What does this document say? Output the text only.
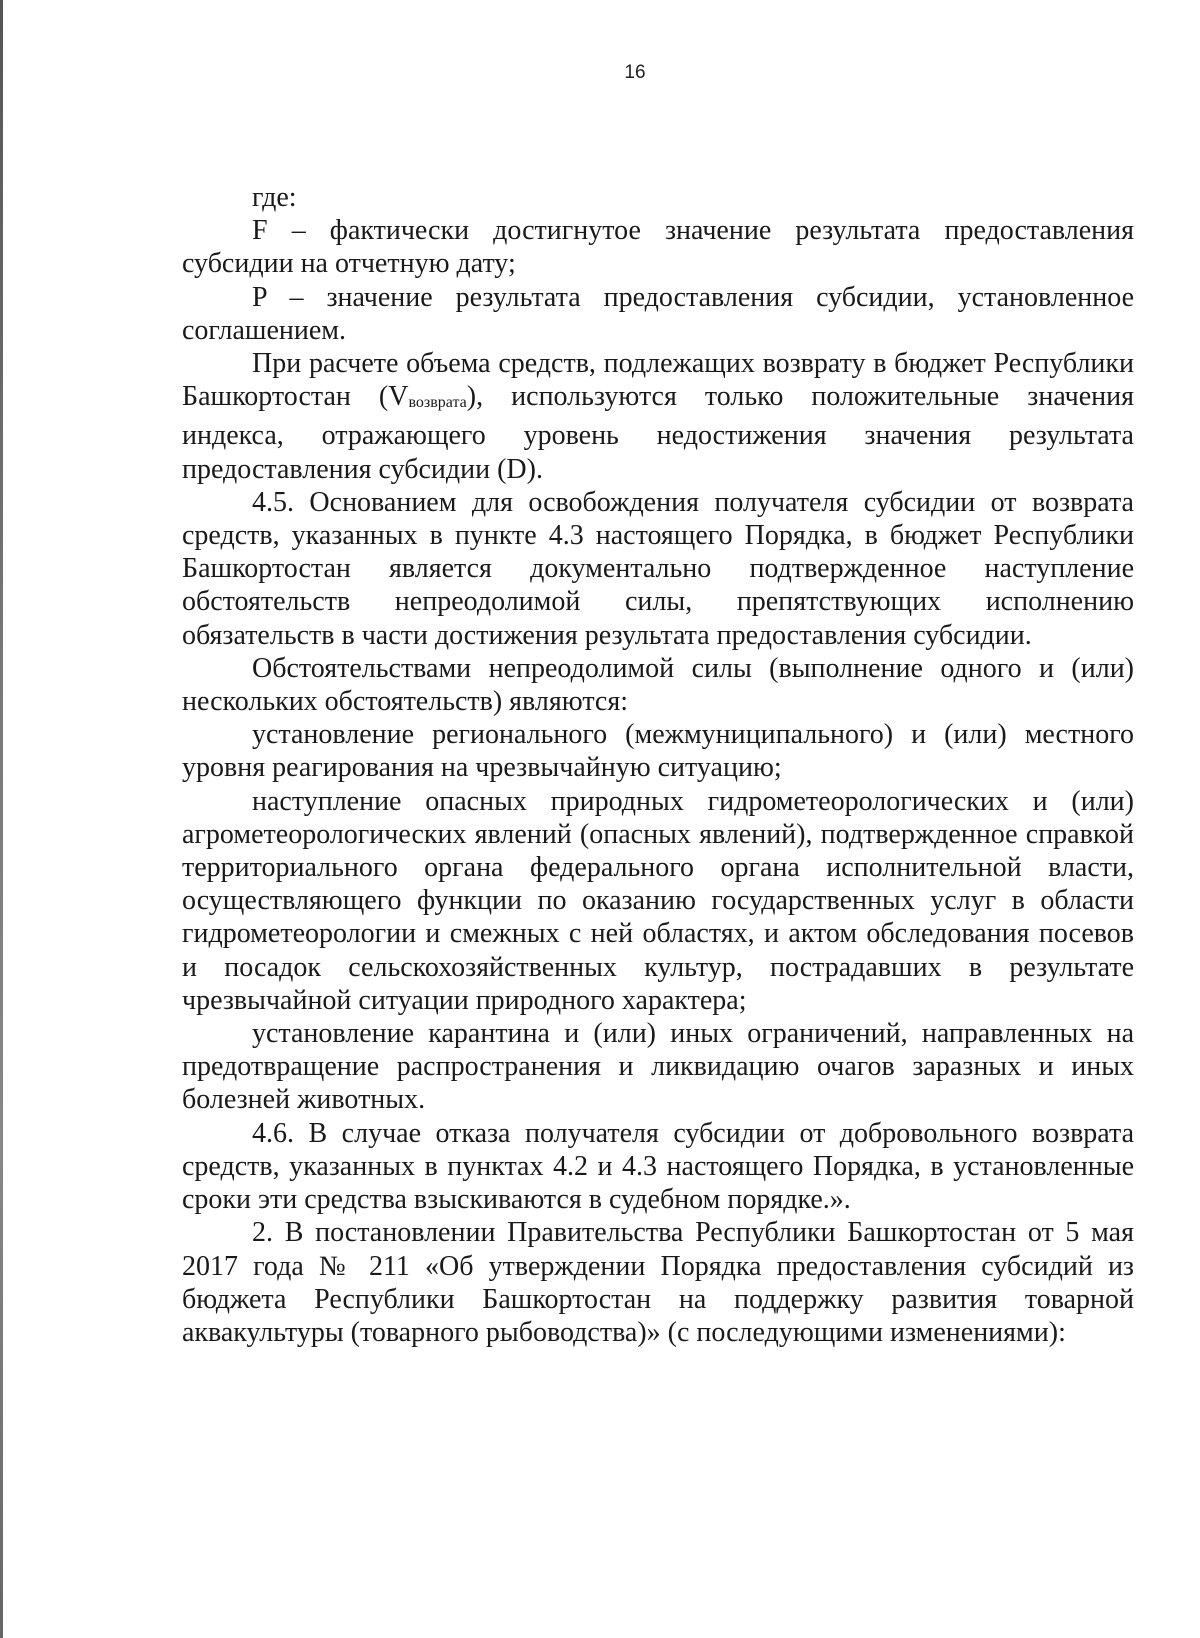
16

где:

F – фактически достигнутое значение результата предоставления субсидии на отчетную дату;

P – значение результата предоставления субсидии, установленное соглашением.

При расчете объема средств, подлежащих возврату в бюджет Республики Башкортостан $(V_{возврата})$, используются только положительные значения индекса, отражающего уровень недостижения значения результата предоставления субсидии (D).

4.5. Основанием для освобождения получателя субсидии от возврата средств, указанных в пункте 4.3 настоящего Порядка, в бюджет Республики Башкортостан является документально подтвержденное наступление обстоятельств непреодолимой силы, препятствующих исполнению обязательств в части достижения результата предоставления субсидии.

Обстоятельствами непреодолимой силы (выполнение одного и (или) нескольких обстоятельств) являются:

установление регионального (межмуниципального) и (или) местного уровня реагирования на чрезвычайную ситуацию;

наступление опасных природных гидрометеорологических и (или) агрометеорологических явлений (опасных явлений), подтвержденное справкой территориального органа федерального органа исполнительной власти, осуществляющего функции по оказанию государственных услуг в области гидрометеорологии и смежных с ней областях, и актом обследования посевов и посадок сельскохозяйственных культур, пострадавших в результате чрезвычайной ситуации природного характера;

установление карантина и (или) иных ограничений, направленных на предотвращение распространения и ликвидацию очагов заразных и иных болезней животных.

4.6. В случае отказа получателя субсидии от добровольного возврата средств, указанных в пунктах 4.2 и 4.3 настоящего Порядка, в установленные сроки эти средства взыскиваются в судебном порядке.».

2. В постановлении Правительства Республики Башкортостан от 5 мая 2017 года № 211 «Об утверждении Порядка предоставления субсидий из бюджета Республики Башкортостан на поддержку развития товарной аквакультуры (товарного рыбоводства)» (с последующими изменениями):
